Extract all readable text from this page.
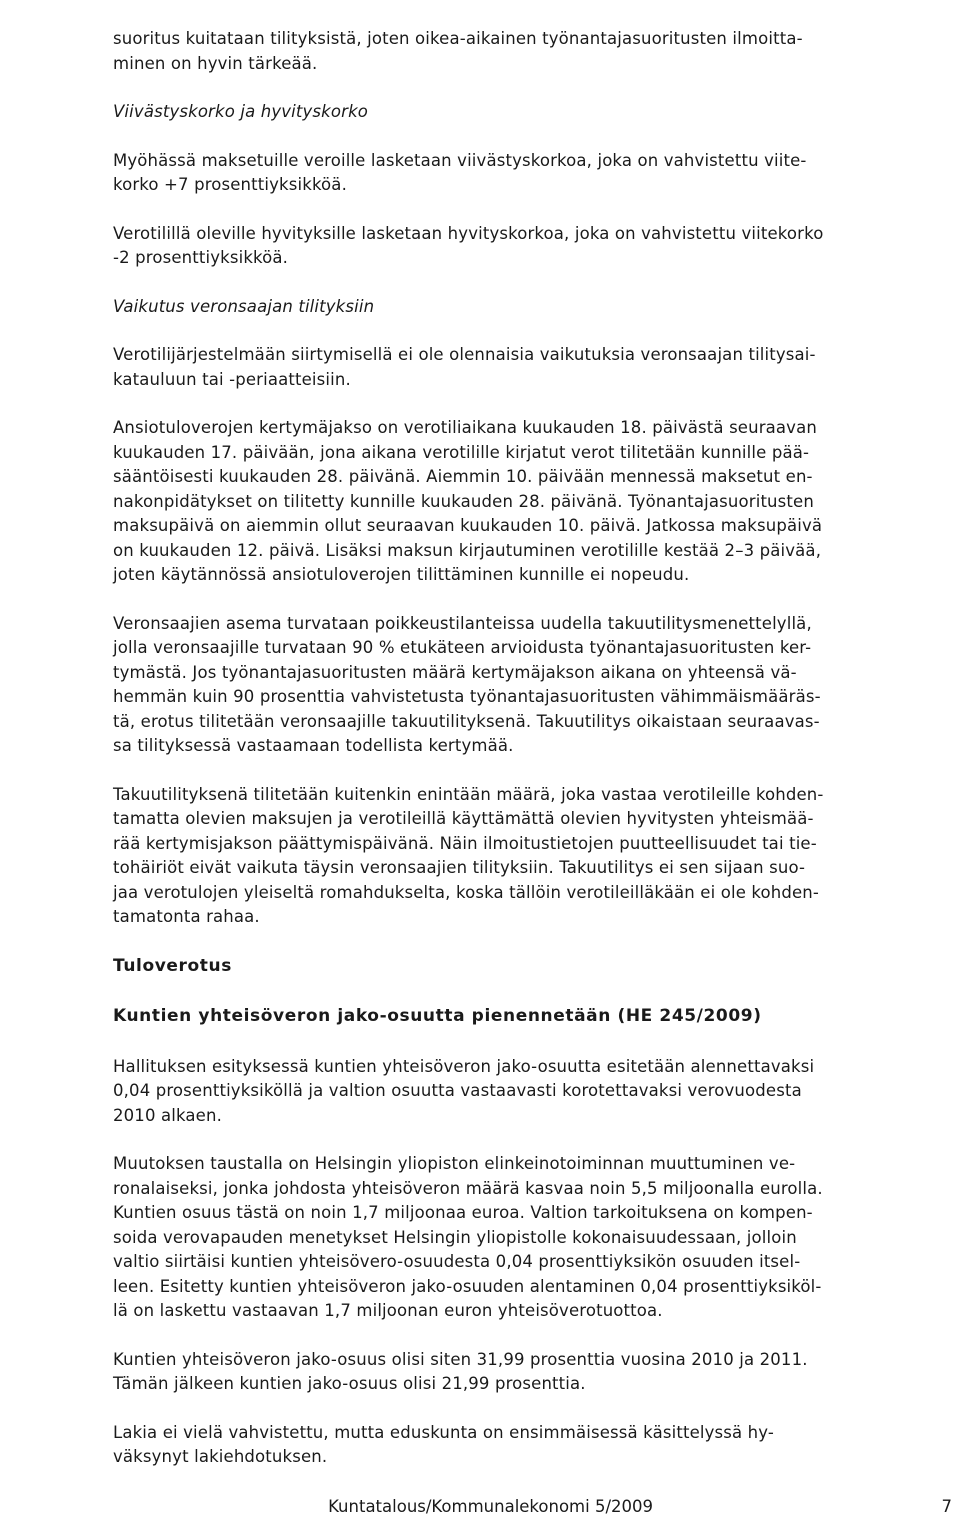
suoritus kuitataan tilityksistä, joten oikea-aikainen työnantajasuoritusten ilmoitta-
minen on hyvin tärkeää.

Viivästyskorko ja hyvityskorko

Myöhässä maksetuille veroille lasketaan viivästyskorkoa, joka on vahvistettu viite-
korko +7 prosenttiyksikköä.

Verotilillä oleville hyvityksille lasketaan hyvityskorkoa, joka on vahvistettu viitekorko
-2 prosenttiyksikköä.

Vaikutus veronsaajan tilityksiin

Verotilijärjestelmään siirtymisellä ei ole olennaisia vaikutuksia veronsaajan tilitysai-
katauluun tai -periaatteisiin.

Ansiotuloverojen kertymäjakso on verotiliaikana kuukauden 18. päivästä seuraavan
kuukauden 17. päivään, jona aikana verotilille kirjatut verot tilitetään kunnille pää-
sääntöisesti kuukauden 28. päivänä. Aiemmin 10. päivään mennessä maksetut en-
nakonpidätykset on tilitetty kunnille kuukauden 28. päivänä. Työnantajasuoritusten
maksupäivä on aiemmin ollut seuraavan kuukauden 10. päivä. Jatkossa maksupäivä
on kuukauden 12. päivä. Lisäksi maksun kirjautuminen verotilille kestää 2–3 päivää,
joten käytännössä ansiotuloverojen tilittäminen kunnille ei nopeudu.

Veronsaajien asema turvataan poikkeustilanteissa uudella takuutilitysmenettelyllä,
jolla veronsaajille turvataan 90 % etukäteen arvioidusta työnantajasuoritusten ker-
tymästä. Jos työnantajasuoritusten määrä kertymäjakson aikana on yhteensä vä-
hemmän kuin 90 prosenttia vahvistetusta työnantajasuoritusten vähimmäismääräs-
tä, erotus tilitetään veronsaajille takuutilityksenä. Takuutilitys oikaistaan seuraavas-
sa tilityksessä vastaamaan todellista kertymää.

Takuutilityksenä tilitetään kuitenkin enintään määrä, joka vastaa verotileille kohden-
tamatta olevien maksujen ja verotileillä käyttämättä olevien hyvitysten yhteismää-
rää kertymisjakson päättymispäivänä. Näin ilmoitustietojen puutteellisuudet tai tie-
tohäiriöt eivät vaikuta täysin veronsaajien tilityksiin. Takuutilitys ei sen sijaan suo-
jaa verotulojen yleiseltä romahdukselta, koska tällöin verotileilläkään ei ole kohden-
tamatonta rahaa.

Tuloverotus

Kuntien yhteisöveron jako-osuutta pienennetään (HE 245/2009)

Hallituksen esityksessä kuntien yhteisöveron jako-osuutta esitetään alennettavaksi
0,04 prosenttiyksiköllä ja valtion osuutta vastaavasti korotettavaksi verovuodesta
2010 alkaen.

Muutoksen taustalla on Helsingin yliopiston elinkeinotoiminnan muuttuminen ve-
ronalaiseksi, jonka johdosta yhteisöveron määrä kasvaa noin 5,5 miljoonalla eurolla.
Kuntien osuus tästä on noin 1,7 miljoonaa euroa. Valtion tarkoituksena on kompen-
soida verovapauden menetykset Helsingin yliopistolle kokonaisuudessaan, jolloin
valtio siirtäisi kuntien yhteisövero-osuudesta 0,04 prosenttiyksikön osuuden itsel-
leen. Esitetty kuntien yhteisöveron jako-osuuden alentaminen 0,04 prosenttiyksiköl-
lä on laskettu vastaavan 1,7 miljoonan euron yhteisöverotuottoa.

Kuntien yhteisöveron jako-osuus olisi siten 31,99 prosenttia vuosina 2010 ja 2011.
Tämän jälkeen kuntien jako-osuus olisi 21,99 prosenttia.

Lakia ei vielä vahvistettu, mutta eduskunta on ensimmäisessä käsittelyssä hy-
väksynyt lakiehdotuksen.

Kuntatalous/Kommunalekonomi 5/2009	7
